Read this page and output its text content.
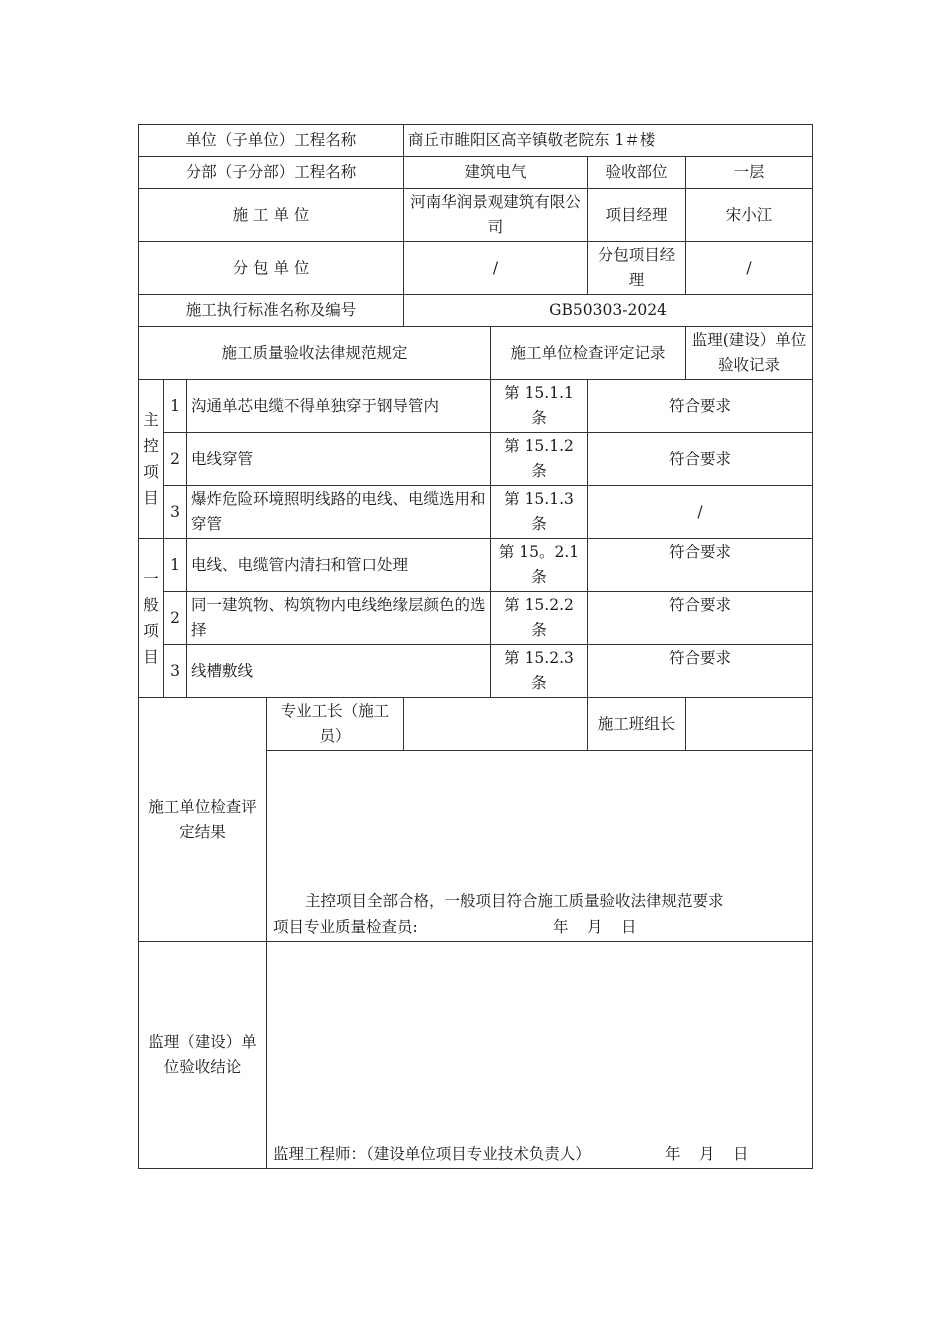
单位（子单位）工程名称				商丘市睢阳区高辛镇敬老院东 1＃楼				
分部（子分部）工程名称				建筑电气		验收部位	一层	
施 工 单 位				河南华润景观建筑有限公司		项目经理	宋小江	
分 包 单 位				/		分包项目经理	/	
施工执行标准名称及编号				GB50303-2024				
施工质量验收法律规范规定					施工单位检查评定记录		监理(建设）单位验收记录	

主
控
项
目	1	沟通单芯电缆不得单独穿于钢导管内			第 15.1.1 条	符合要求		
	2	电线穿管			第 15.1.2 条	符合要求		
	3	爆炸危险环境照明线路的电线、电缆选用和穿管			第 15.1.3 条	/		

一
般
项
目	1	电线、电缆管内清扫和管口处理			第 15。2.1 条	符合要求		
	2	同一建筑物、构筑物内电线绝缘层颜色的选择			第 15.2.2 条	符合要求		
	3	线槽敷线			第 15.2.3 条	符合要求		
施工单位检查评定结果			专业工长（施工员）			施工班组长		

			主控项目全部合格，一般项目符合施工质量验收法律规范要求
项目专业质量检查员: 年 月 日					

监理（建设）单位验收结论			监理工程师：（建设单位项目专业技术负责人） 年 月 日					
